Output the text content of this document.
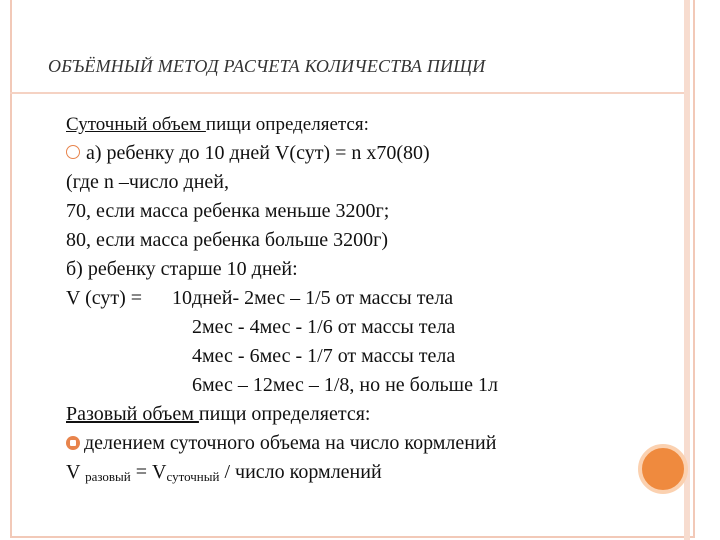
ОБЪЁМНЫЙ МЕТОД РАСЧЕТА КОЛИЧЕСТВА ПИЩИ
Суточный объем пищи определяется:
а) ребенку до 10 дней V(сут) = n х70(80)
(где n –число дней,
70, если масса ребенка меньше 3200г;
80, если масса ребенка больше 3200г)
б) ребенку старше 10 дней:
V (сут) = 10дней- 2мес – 1/5 от массы тела
2мес - 4мес - 1/6 от массы тела
4мес - 6мес - 1/7 от массы тела
6мес – 12мес – 1/8, но не больше 1л
Разовый объем пищи определяется:
делением суточного объема на число кормлений
V $_{разовый} = V_{суточный}$ / число кормлений
